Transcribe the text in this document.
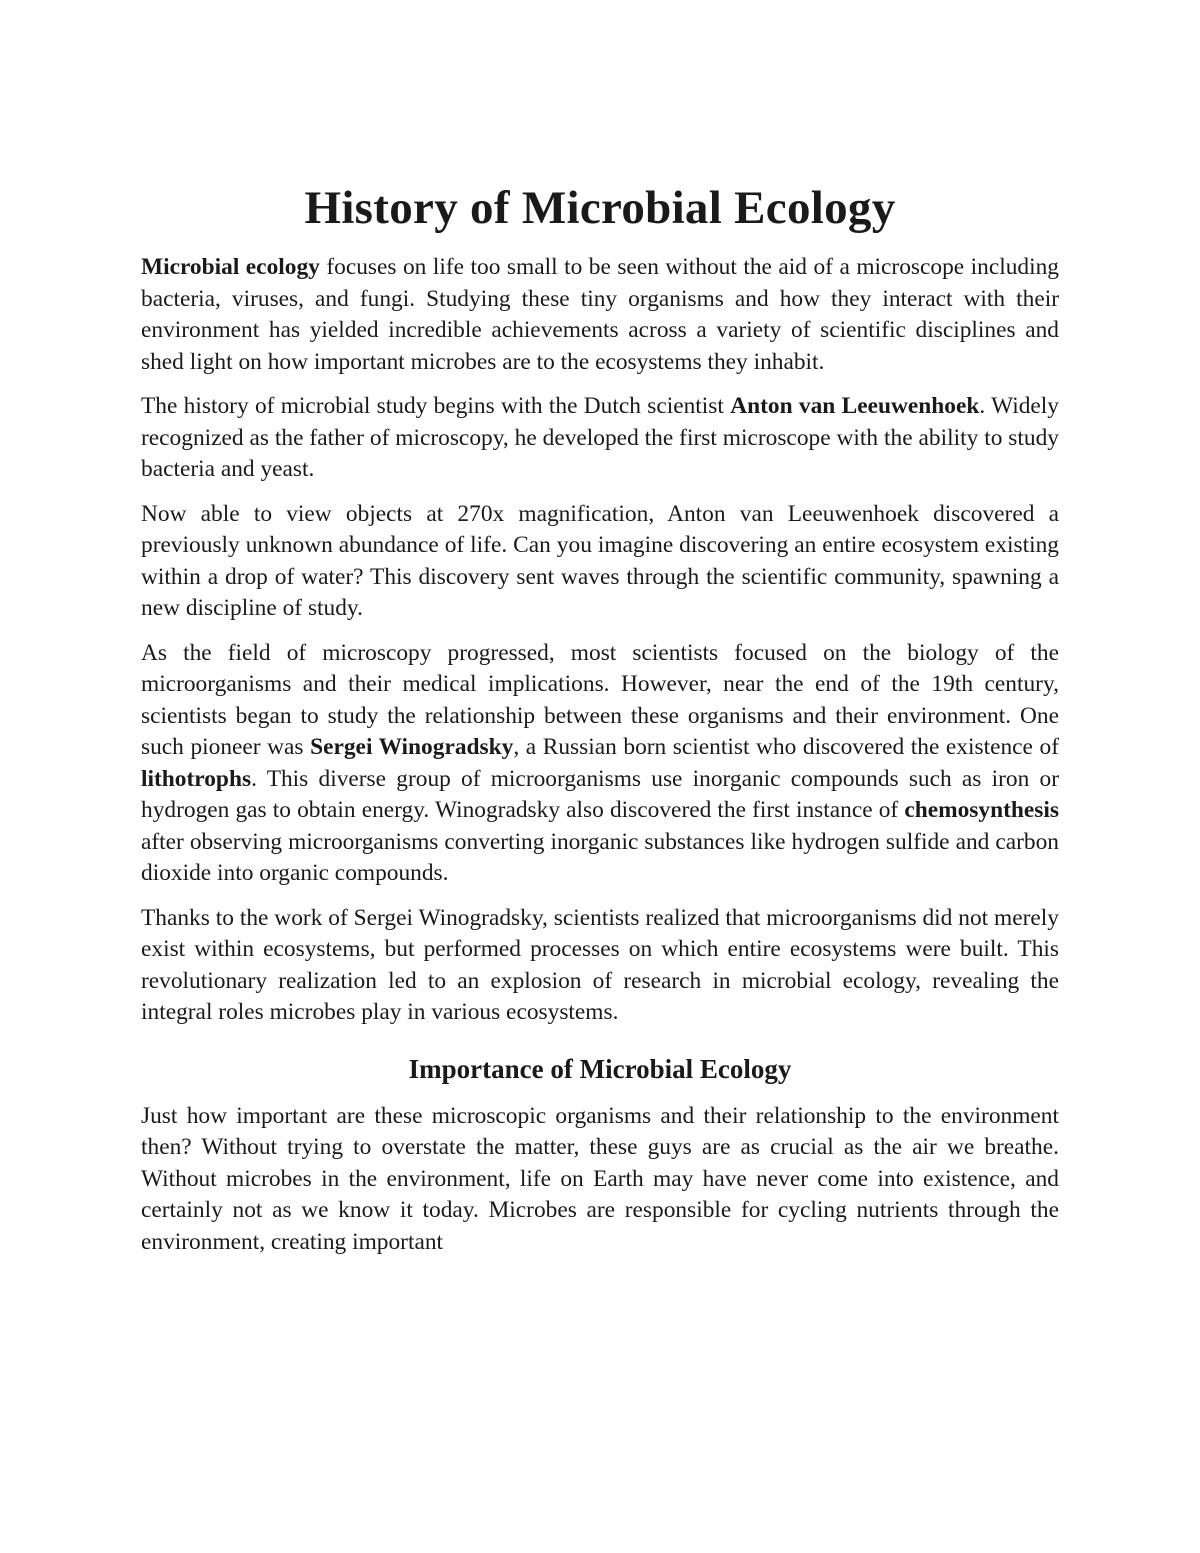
History of Microbial Ecology

Microbial ecology focuses on life too small to be seen without the aid of a microscope including bacteria, viruses, and fungi. Studying these tiny organisms and how they interact with their environment has yielded incredible achievements across a variety of scientific disciplines and shed light on how important microbes are to the ecosystems they inhabit.

The history of microbial study begins with the Dutch scientist Anton van Leeuwenhoek. Widely recognized as the father of microscopy, he developed the first microscope with the ability to study bacteria and yeast.

Now able to view objects at 270x magnification, Anton van Leeuwenhoek discovered a previously unknown abundance of life. Can you imagine discovering an entire ecosystem existing within a drop of water? This discovery sent waves through the scientific community, spawning a new discipline of study.

As the field of microscopy progressed, most scientists focused on the biology of the microorganisms and their medical implications. However, near the end of the 19th century, scientists began to study the relationship between these organisms and their environment. One such pioneer was Sergei Winogradsky, a Russian born scientist who discovered the existence of lithotrophs. This diverse group of microorganisms use inorganic compounds such as iron or hydrogen gas to obtain energy. Winogradsky also discovered the first instance of chemosynthesis after observing microorganisms converting inorganic substances like hydrogen sulfide and carbon dioxide into organic compounds.

Thanks to the work of Sergei Winogradsky, scientists realized that microorganisms did not merely exist within ecosystems, but performed processes on which entire ecosystems were built. This revolutionary realization led to an explosion of research in microbial ecology, revealing the integral roles microbes play in various ecosystems.

Importance of Microbial Ecology

Just how important are these microscopic organisms and their relationship to the environment then? Without trying to overstate the matter, these guys are as crucial as the air we breathe. Without microbes in the environment, life on Earth may have never come into existence, and certainly not as we know it today. Microbes are responsible for cycling nutrients through the environment, creating important
